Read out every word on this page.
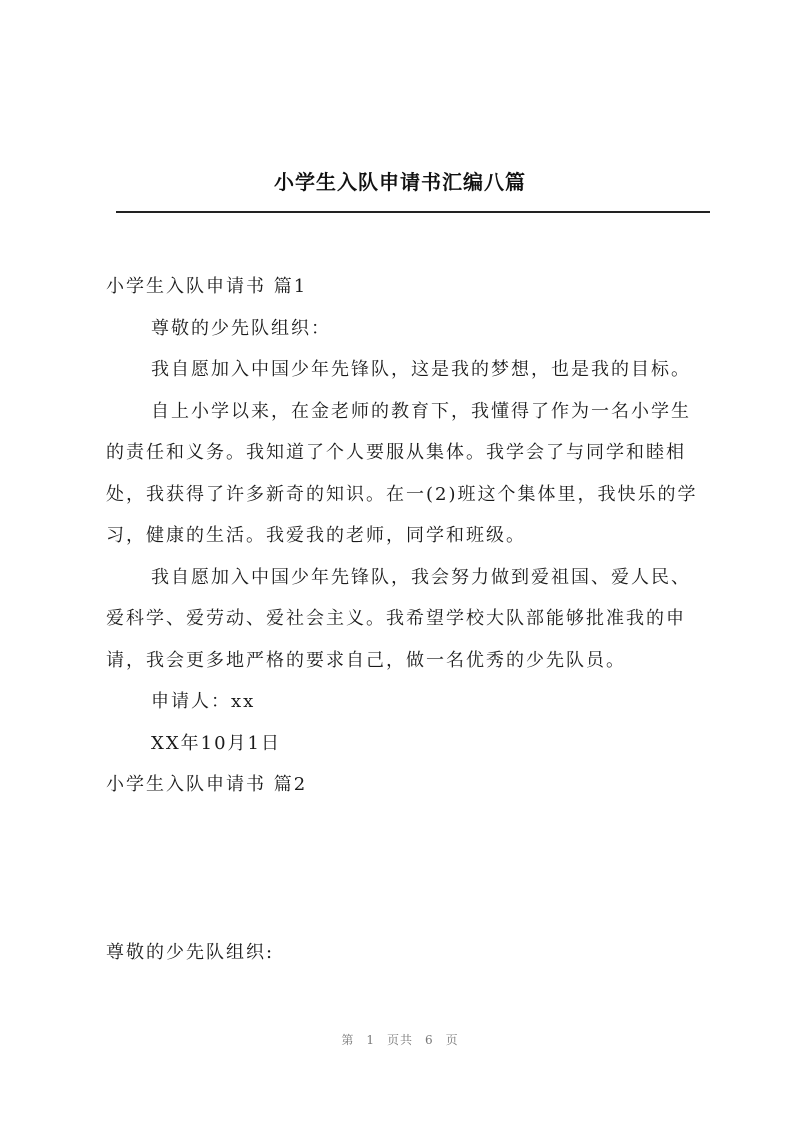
小学生入队申请书汇编八篇

小学生入队申请书 篇1

尊敬的少先队组织：

我自愿加入中国少年先锋队，这是我的梦想，也是我的目标。

自上小学以来，在金老师的教育下，我懂得了作为一名小学生的责任和义务。我知道了个人要服从集体。我学会了与同学和睦相处，我获得了许多新奇的知识。在一(2)班这个集体里，我快乐的学习，健康的生活。我爱我的老师，同学和班级。

我自愿加入中国少年先锋队，我会努力做到爱祖国、爱人民、爱科学、爱劳动、爱社会主义。我希望学校大队部能够批准我的申请，我会更多地严格的要求自己，做一名优秀的少先队员。

申请人：xx

XX年10月1日

小学生入队申请书 篇2

尊敬的少先队组织:
第 1 页共 6 页
